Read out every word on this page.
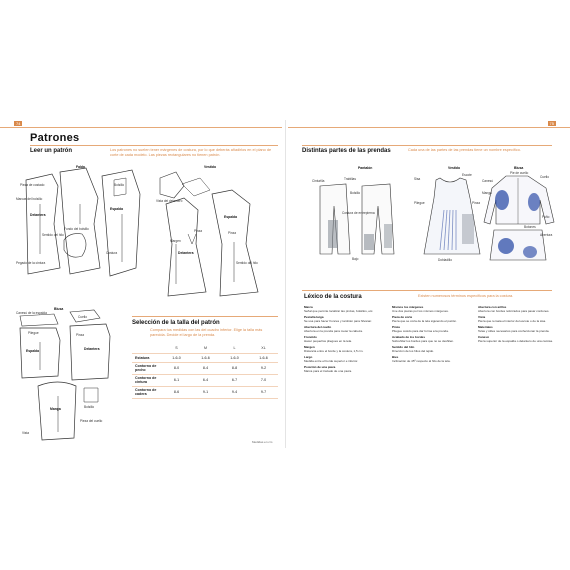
74	75
Patrones
Leer un patrón	Los patrones no suelen tener márgenes de costura, por lo que deberás añadirlos en el plano de corte de cada modelo. Las piezas rectangulares no tienen patrón.
Falda
Pieza de costado
Marcas del bolsillo
Delantera
Sentido del hilo
Fondo del bolsillo
Pegado de la cintura
Bolsillo
Espalda
Costura
Vestido
Vista del delantero
Pinza
Delantera
Margen
Espalda
Sentido del hilo
Pinza
Blusa
Canesú de la espalda
Pliegue
Espalda
Cuello
Pinza
Delantera
Manga	Bolsillo
Pieza del cuello
Vista
Selección de la talla del patrón
Compara tus medidas con las del cuadro inferior. Elige la talla más parecida. Decide el largo de la prenda.
	S	M	L	XL
Estatura	1-6-0	1-6-6	1-6-0	1-6-6
Contorno de pecho	8-0	8-4	8-8	9-2
Contorno de cintura	6-1	6-4	6-7	7-0
Contorno de cadera	8-6	9-1	9-4	9-7
Medidas en cm
Distintas partes de las prendas	Cada una de las partes de las prendas tiene un nombre específico.
Pantalón
Cinturilla	Trabillas
Bolsillo
Costura de entrepierna
Bajo
Vestido
Sisa
Escote
Pliegue	Pinza
Dobladillo
Blusa
Pie de cuello
Cuello
Canesú
Manga
Puño
Abertura
Botones
Léxico de la costura	Existen numerosos términos específicos para la costura.
Marca
Señal que permite localizar las pinzas, bolsillos, etc.
Pestaña larga
Se usa para hacer frunces y también para hilvanar.
Abertura del cuello
Abertura en la prenda para meter la cabeza.
Fruncido
Hacer pequeños pliegues en la tela.
Margen
Distancia entre el borde y la costura, 1,5 cm.
Largo
Medida entre el borde superior e inferior.
Posición de una pieza
Marca para el trazado de una pieza.
Mismos los márgenes
Une dos piezas por los mismos márgenes.
Pieza de corte
Pieza que se corta de la tela siguiendo el patrón.
Pinza
Pliegue cosido para dar forma a la prenda.
Acabado de los bordes
Sobrehilar los bordes para que no se deshilen.
Sentido del hilo
Dirección de los hilos del tejido.
Bies
Inclinación de 45º respecto al hilo de la tela.
Abertura con arillos
Abertura con bordes reforzados para pasar cordones.
Vista
Pieza que remata el interior del escote o de la sisa.
Materiales
Telas y útiles necesarios para confeccionar la prenda.
Canesú
Pieza superior de la espalda o delantero de una camisa.
